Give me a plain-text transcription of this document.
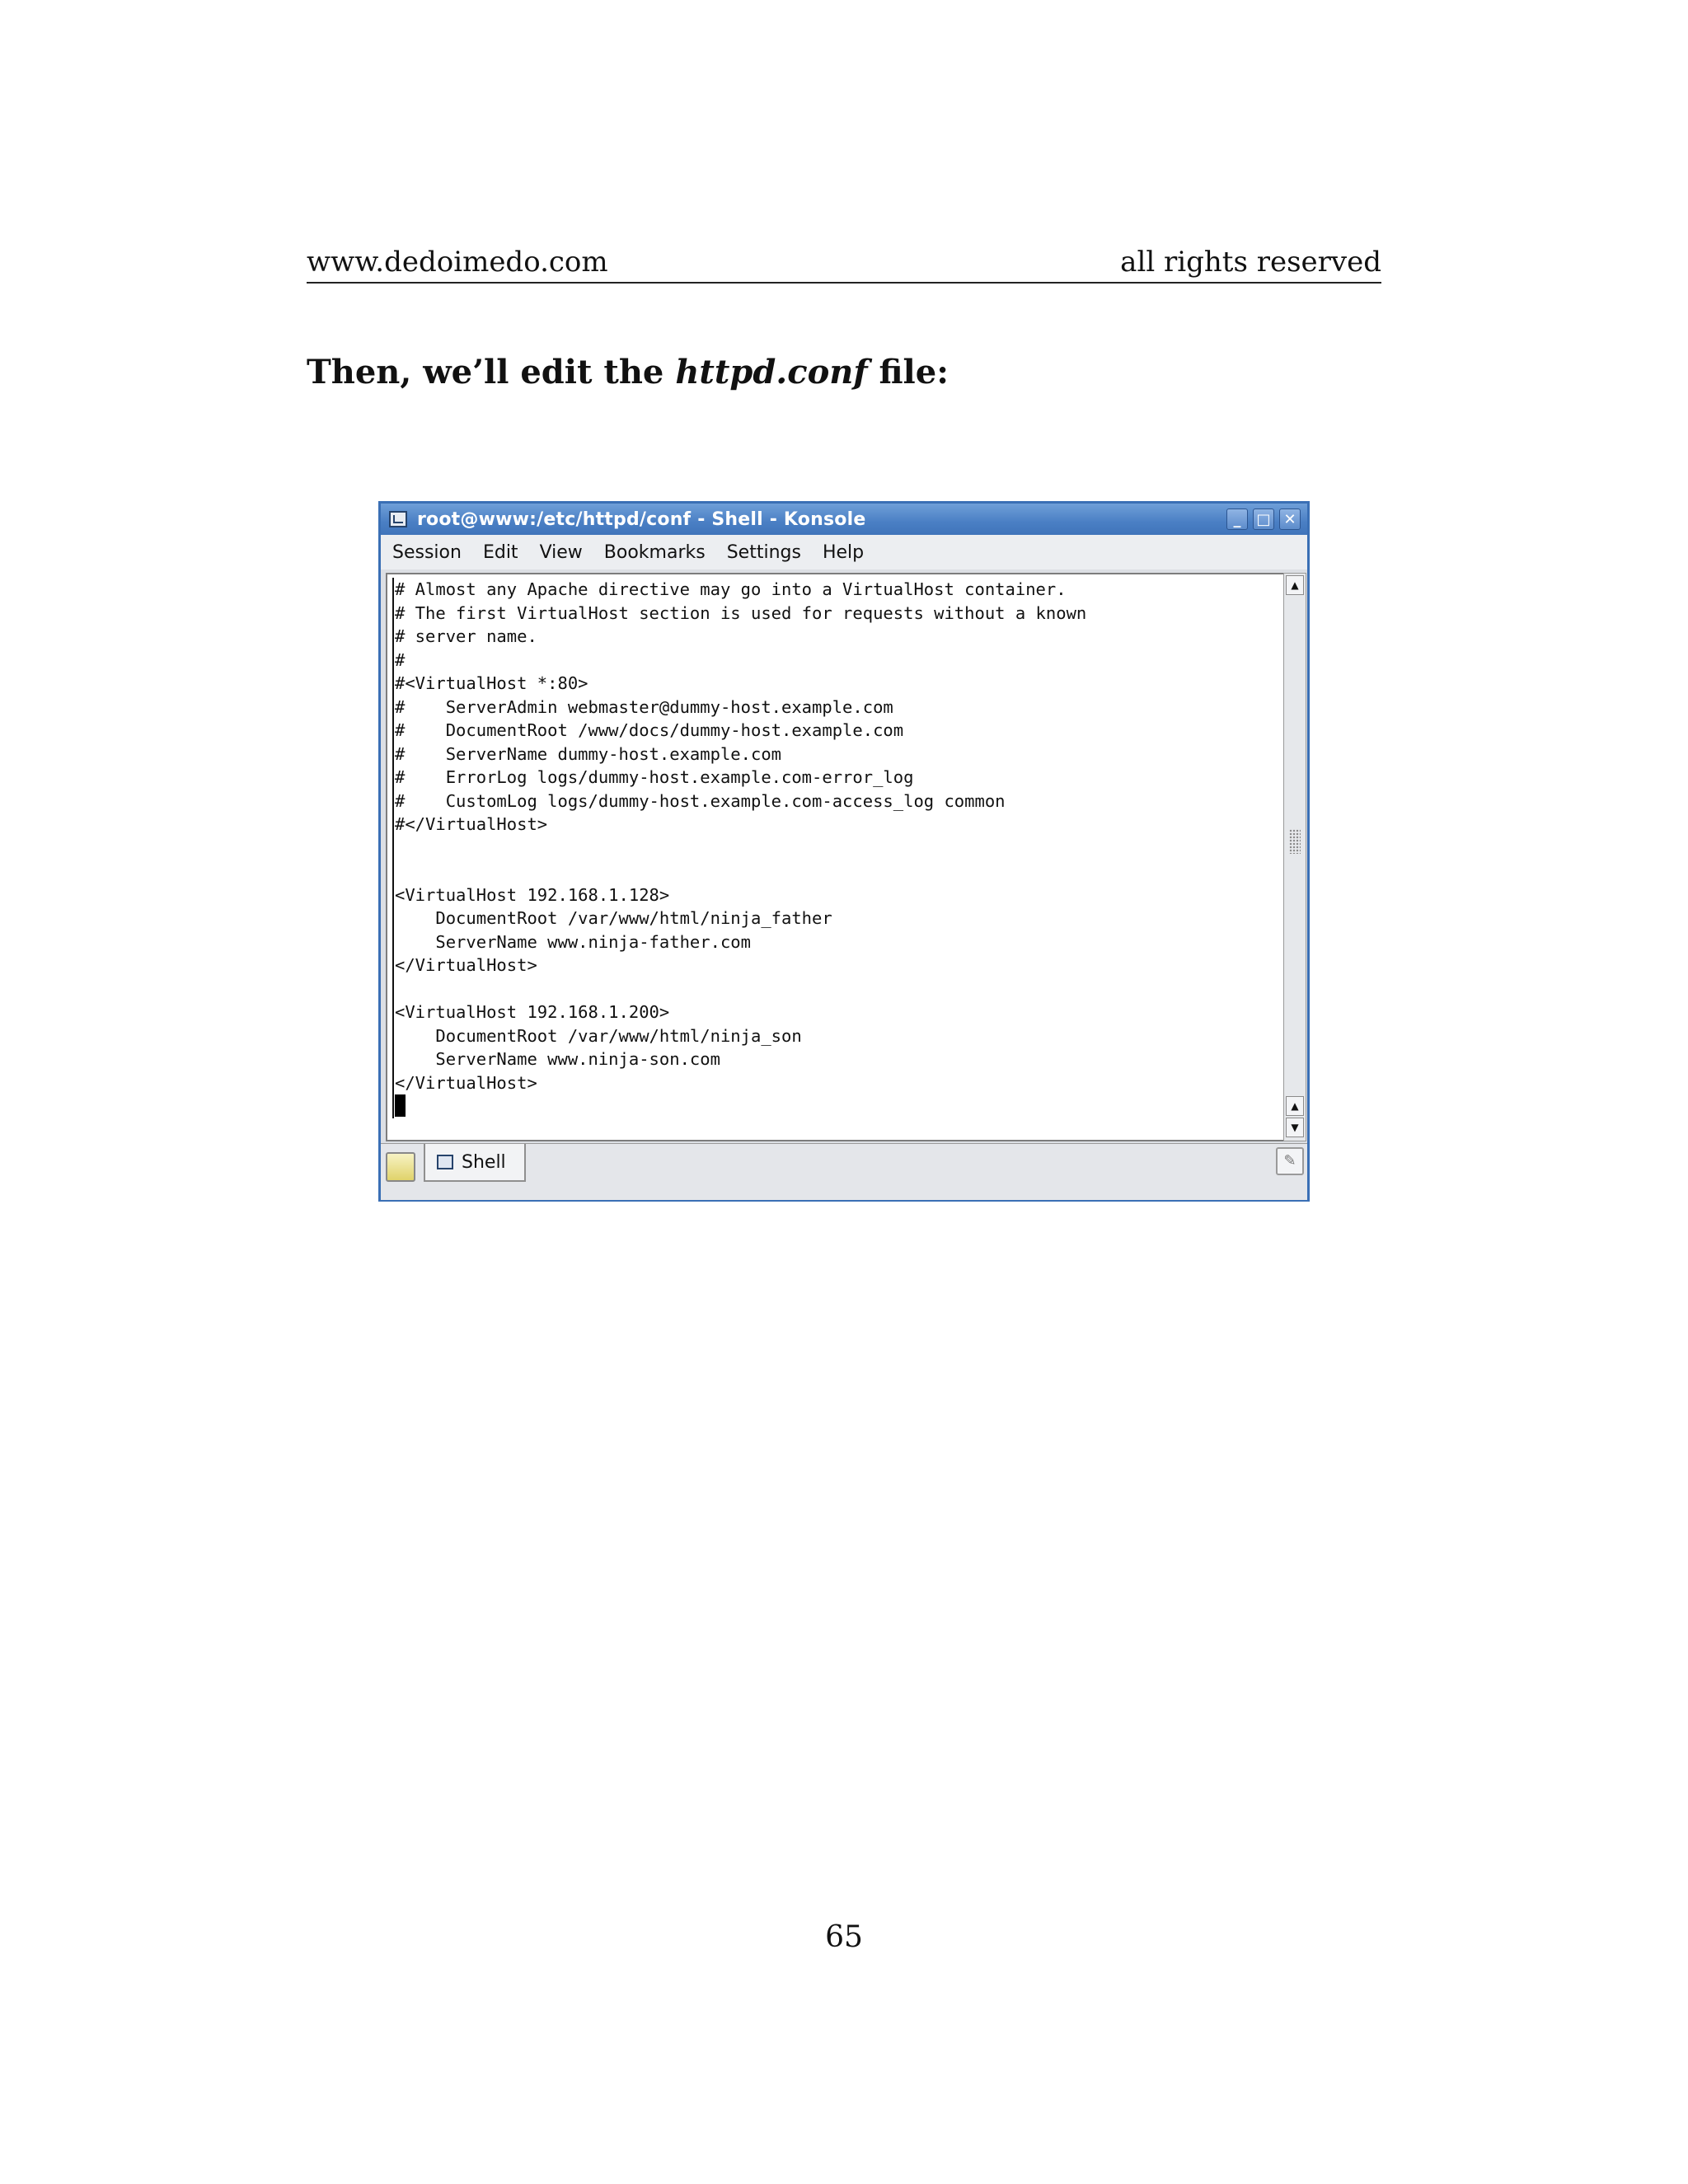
www.dedoimedo.com	all rights reserved
Then, we’ll edit the httpd.conf file:
root@www:/etc/httpd/conf - Shell - Konsole	_	□ ✕
Session Edit View Bookmarks Settings Help
# Almost any Apache directive may go into a VirtualHost container.
# The first VirtualHost section is used for requests without a known
# server name.
#
#<VirtualHost *:80>
#    ServerAdmin webmaster@dummy-host.example.com
#    DocumentRoot /www/docs/dummy-host.example.com
#    ServerName dummy-host.example.com
#    ErrorLog logs/dummy-host.example.com-error_log
#    CustomLog logs/dummy-host.example.com-access_log common
#</VirtualHost>

<VirtualHost 192.168.1.128>
DocumentRoot /var/www/html/ninja_father
ServerName www.ninja-father.com
</VirtualHost>

<VirtualHost 192.168.1.200>
DocumentRoot /var/www/html/ninja_son
ServerName www.ninja-son.com
</VirtualHost>

▲
▲
▼
Shell	✎
65
